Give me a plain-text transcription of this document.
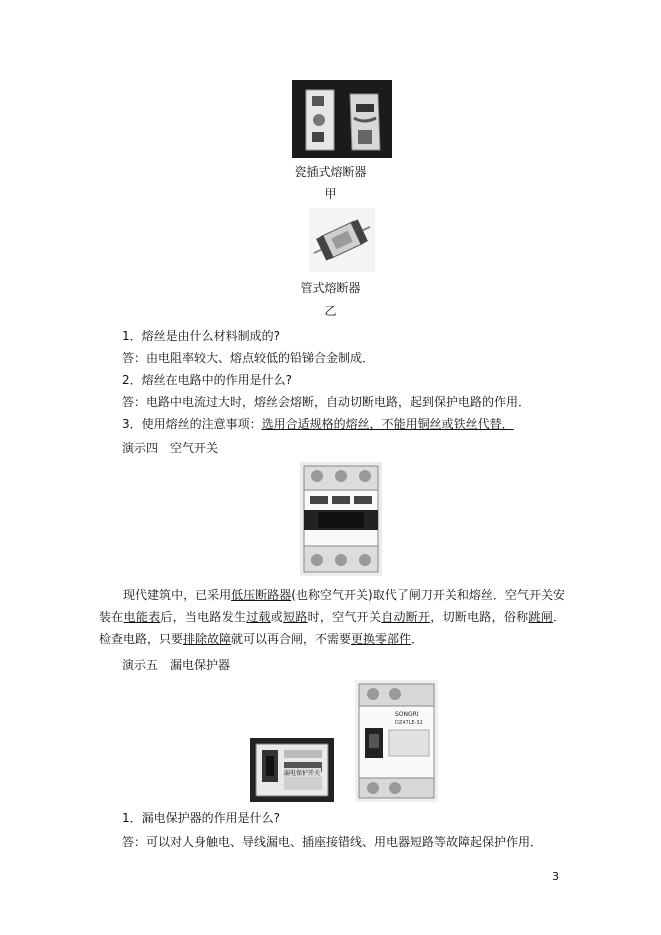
瓷插式熔断器
甲
管式熔断器
乙
1．熔丝是由什么材料制成的?
答：由电阻率较大、熔点较低的铅锑合金制成．
2．熔丝在电路中的作用是什么?
答：电路中电流过大时，熔丝会熔断，自动切断电路，起到保护电路的作用．
3．使用熔丝的注意事项：选用合适规格的熔丝，不能用铜丝或铁丝代替．
演示四　空气开关
现代建筑中，已采用低压断路器(也称空气开关)取代了闸刀开关和熔丝．空气开关安装在电能表后，当电路发生过载或短路时，空气开关自动断开，切断电路，俗称跳闸．检查电路，只要排除故障就可以再合闸，不需要更换零部件．
演示五　漏电保护器
SONGRI
DZ47LE-32
漏电保护开关
1．漏电保护器的作用是什么?
答：可以对人身触电、导线漏电、插座接错线、用电器短路等故障起保护作用．
3
